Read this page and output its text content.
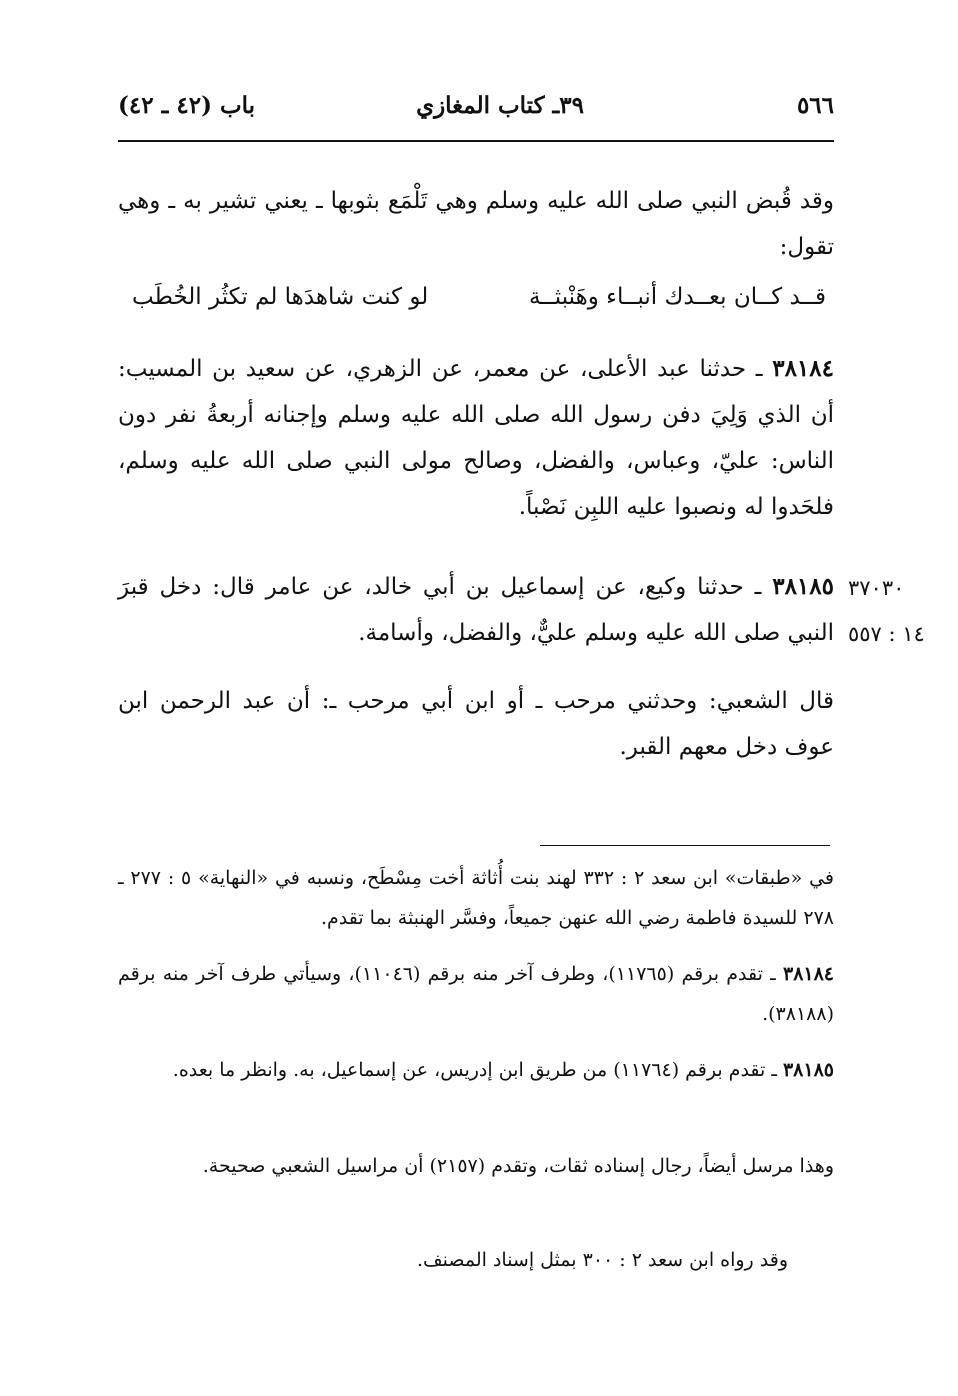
٥٦٦
٣٩ـ كتاب المغازي
باب (٤٢ ـ ٤٢)

وقد قُبض النبي صلى الله عليه وسلم وهي تَلْمَع بثوبها ـ يعني تشير به ـ وهي تقول:

قــد كــان بعــدك أنبــاء وهَنْبثــة
لو كنت شاهدَها لم تكثُر الخُطَب

٣٨١٨٤ ـ حدثنا عبد الأعلى، عن معمر، عن الزهري، عن سعيد بن المسيب: أن الذي وَلِيَ دفن رسول الله صلى الله عليه وسلم وإجنانه أربعةُ نفر دون الناس: عليّ، وعباس، والفضل، وصالح مولى النبي صلى الله عليه وسلم، فلحَدوا له ونصبوا عليه اللبِن نَصْباً.

٣٨١٨٥ ـ حدثنا وكيع، عن إسماعيل بن أبي خالد، عن عامر قال: دخل قبرَ النبي صلى الله عليه وسلم عليٌّ، والفضل، وأسامة.

٣٧٠٣٠
١٤ : ٥٥٧

قال الشعبي: وحدثني مرحب ـ أو ابن أبي مرحب ـ: أن عبد الرحمن ابن عوف دخل معهم القبر.

في «طبقات» ابن سعد ٢ : ٣٣٢ لهند بنت أُثاثة أخت مِسْطَح، ونسبه في «النهاية» ٥ : ٢٧٧ ـ ٢٧٨ للسيدة فاطمة رضي الله عنهن جميعاً، وفسَّر الهنبثة بما تقدم.

٣٨١٨٤ ـ تقدم برقم (١١٧٦٥)، وطرف آخر منه برقم (١١٠٤٦)، وسيأتي طرف آخر منه برقم (٣٨١٨٨).

٣٨١٨٥ ـ تقدم برقم (١١٧٦٤) من طريق ابن إدريس، عن إسماعيل، به. وانظر ما بعده.

وهذا مرسل أيضاً، رجال إسناده ثقات، وتقدم (٢١٥٧) أن مراسيل الشعبي صحيحة.

وقد رواه ابن سعد ٢ : ٣٠٠ بمثل إسناد المصنف.
